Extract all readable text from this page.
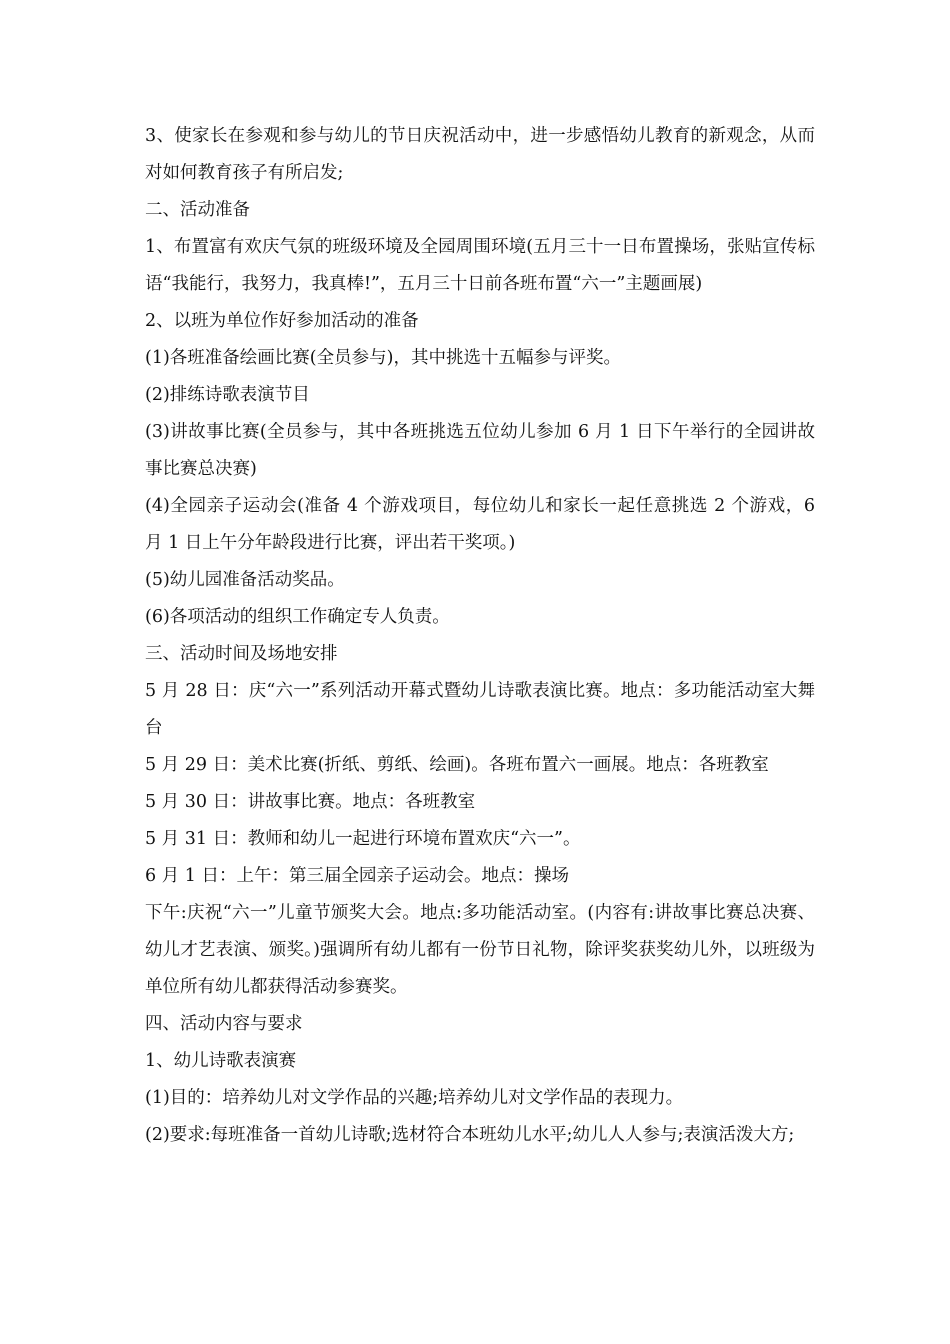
3、使家长在参观和参与幼儿的节日庆祝活动中，进一步感悟幼儿教育的新观念，从而对如何教育孩子有所启发;

二、活动准备

1、布置富有欢庆气氛的班级环境及全园周围环境(五月三十一日布置操场，张贴宣传标语“我能行，我努力，我真棒!”，五月三十日前各班布置“六一”主题画展)

2、以班为单位作好参加活动的准备

(1)各班准备绘画比赛(全员参与)，其中挑选十五幅参与评奖。

(2)排练诗歌表演节目

(3)讲故事比赛(全员参与，其中各班挑选五位幼儿参加 6 月 1 日下午举行的全园讲故事比赛总决赛)

(4)全园亲子运动会(准备 4 个游戏项目，每位幼儿和家长一起任意挑选 2 个游戏，6 月 1 日上午分年龄段进行比赛，评出若干奖项。)

(5)幼儿园准备活动奖品。

(6)各项活动的组织工作确定专人负责。

三、活动时间及场地安排

5 月 28 日：庆“六一”系列活动开幕式暨幼儿诗歌表演比赛。地点：多功能活动室大舞台

5 月 29 日：美术比赛(折纸、剪纸、绘画)。各班布置六一画展。地点：各班教室

5 月 30 日：讲故事比赛。地点：各班教室

5 月 31 日：教师和幼儿一起进行环境布置欢庆“六一”。

6 月 1 日：上午：第三届全园亲子运动会。地点：操场

下午:庆祝“六一”儿童节颁奖大会。地点:多功能活动室。(内容有:讲故事比赛总决赛、幼儿才艺表演、颁奖。)强调所有幼儿都有一份节日礼物，除评奖获奖幼儿外，以班级为单位所有幼儿都获得活动参赛奖。

四、活动内容与要求

1、幼儿诗歌表演赛

(1)目的：培养幼儿对文学作品的兴趣;培养幼儿对文学作品的表现力。

(2)要求:每班准备一首幼儿诗歌;选材符合本班幼儿水平;幼儿人人参与;表演活泼大方;
